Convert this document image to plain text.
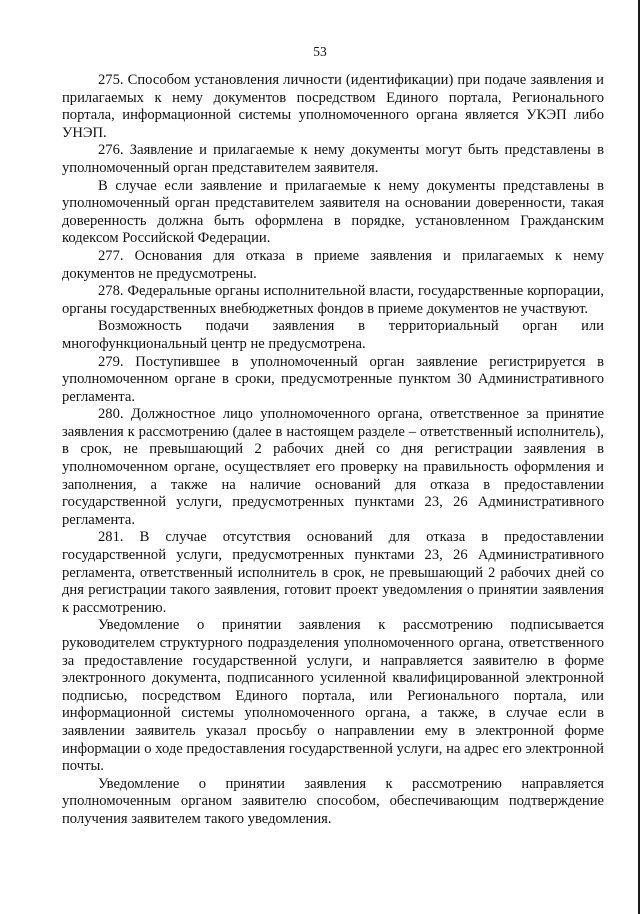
53

275. Способом установления личности (идентификации) при подаче заявления и прилагаемых к нему документов посредством Единого портала, Регионального портала, информационной системы уполномоченного органа является УКЭП либо УНЭП.

276. Заявление и прилагаемые к нему документы могут быть представлены в уполномоченный орган представителем заявителя.

В случае если заявление и прилагаемые к нему документы представлены в уполномоченный орган представителем заявителя на основании доверенности, такая доверенность должна быть оформлена в порядке, установленном Гражданским кодексом Российской Федерации.

277. Основания для отказа в приеме заявления и прилагаемых к нему документов не предусмотрены.

278. Федеральные органы исполнительной власти, государственные корпорации, органы государственных внебюджетных фондов в приеме документов не участвуют.

Возможность подачи заявления в территориальный орган или многофункциональный центр не предусмотрена.

279. Поступившее в уполномоченный орган заявление регистрируется в уполномоченном органе в сроки, предусмотренные пунктом 30 Административного регламента.

280. Должностное лицо уполномоченного органа, ответственное за принятие заявления к рассмотрению (далее в настоящем разделе – ответственный исполнитель), в срок, не превышающий 2 рабочих дней со дня регистрации заявления в уполномоченном органе, осуществляет его проверку на правильность оформления и заполнения, а также на наличие оснований для отказа в предоставлении государственной услуги, предусмотренных пунктами 23, 26 Административного регламента.

281. В случае отсутствия оснований для отказа в предоставлении государственной услуги, предусмотренных пунктами 23, 26 Административного регламента, ответственный исполнитель в срок, не превышающий 2 рабочих дней со дня регистрации такого заявления, готовит проект уведомления о принятии заявления к рассмотрению.

Уведомление о принятии заявления к рассмотрению подписывается руководителем структурного подразделения уполномоченного органа, ответственного за предоставление государственной услуги, и направляется заявителю в форме электронного документа, подписанного усиленной квалифицированной электронной подписью, посредством Единого портала, или Регионального портала, или информационной системы уполномоченного органа, а также, в случае если в заявлении заявитель указал просьбу о направлении ему в электронной форме информации о ходе предоставления государственной услуги, на адрес его электронной почты.

Уведомление о принятии заявления к рассмотрению направляется уполномоченным органом заявителю способом, обеспечивающим подтверждение получения заявителем такого уведомления.
